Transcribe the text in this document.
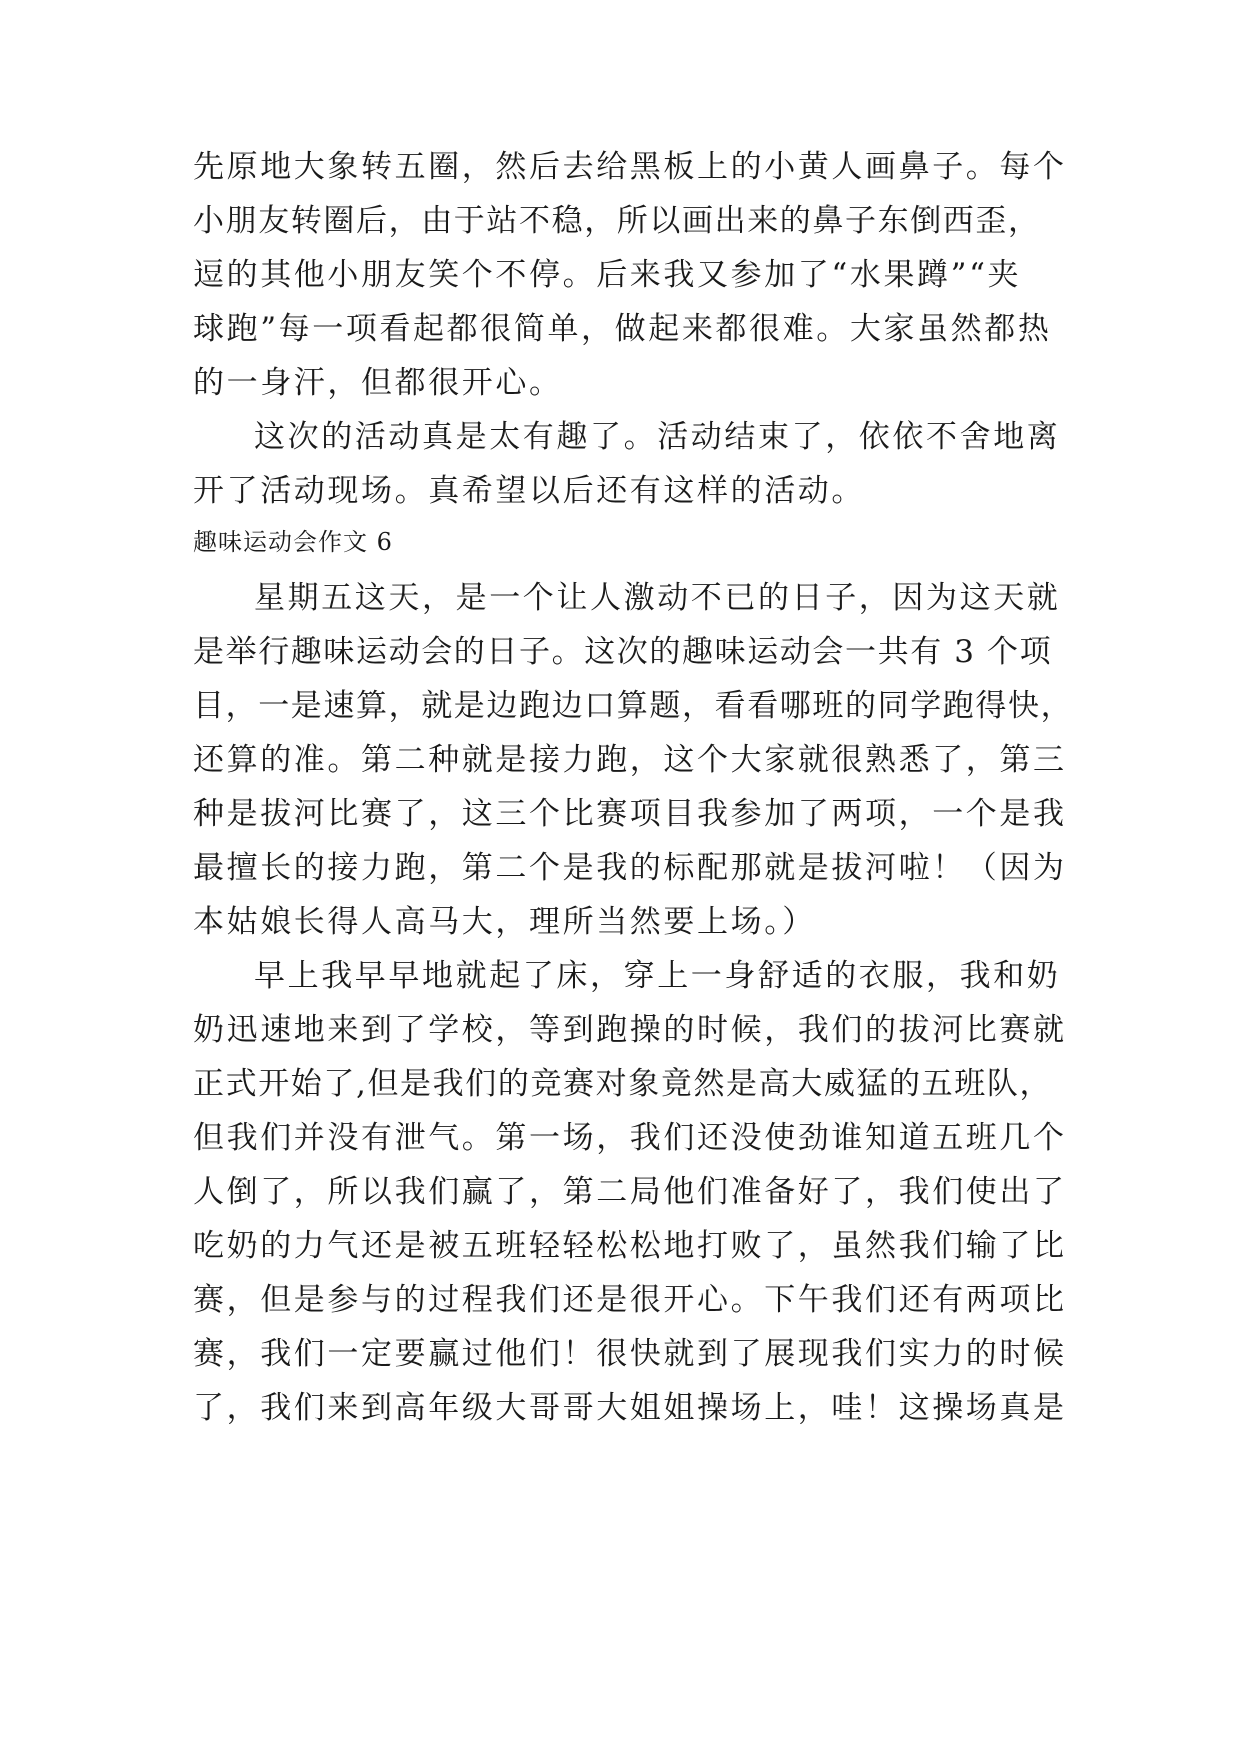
先原地大象转五圈，然后去给黑板上的小黄人画鼻子。每个
小朋友转圈后，由于站不稳，所以画出来的鼻子东倒西歪，
逗的其他小朋友笑个不停。后来我又参加了“水果蹲”“夹
球跑”每一项看起都很简单，做起来都很难。大家虽然都热
的一身汗，但都很开心。
这次的活动真是太有趣了。活动结束了，依依不舍地离
开了活动现场。真希望以后还有这样的活动。
趣味运动会作文 6
星期五这天，是一个让人激动不已的日子，因为这天就
是举行趣味运动会的日子。这次的趣味运动会一共有 3 个项
目，一是速算，就是边跑边口算题，看看哪班的同学跑得快，
还算的准。第二种就是接力跑，这个大家就很熟悉了，第三
种是拔河比赛了，这三个比赛项目我参加了两项，一个是我
最擅长的接力跑，第二个是我的标配那就是拔河啦！（因为
本姑娘长得人高马大，理所当然要上场。）
早上我早早地就起了床，穿上一身舒适的衣服，我和奶
奶迅速地来到了学校，等到跑操的时候，我们的拔河比赛就
正式开始了,但是我们的竞赛对象竟然是高大威猛的五班队，
但我们并没有泄气。第一场，我们还没使劲谁知道五班几个
人倒了，所以我们赢了，第二局他们准备好了，我们使出了
吃奶的力气还是被五班轻轻松松地打败了，虽然我们输了比
赛，但是参与的过程我们还是很开心。下午我们还有两项比
赛，我们一定要赢过他们！很快就到了展现我们实力的时候
了，我们来到高年级大哥哥大姐姐操场上，哇！这操场真是
